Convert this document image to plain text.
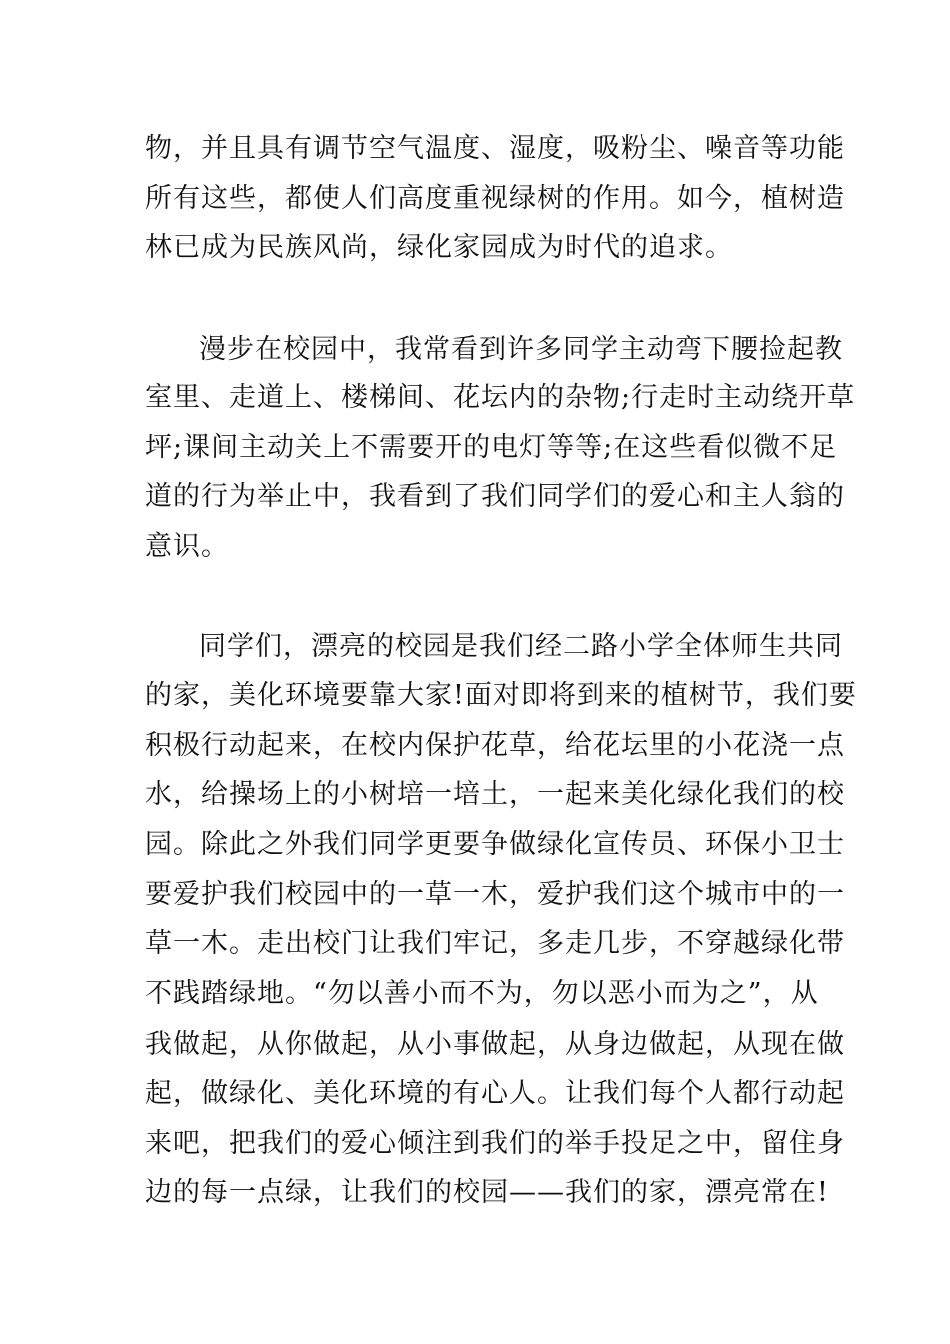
物，并且具有调节空气温度、湿度，吸粉尘、噪音等功能
所有这些，都使人们高度重视绿树的作用。如今，植树造
林已成为民族风尚，绿化家园成为时代的追求。
漫步在校园中，我常看到许多同学主动弯下腰捡起教
室里、走道上、楼梯间、花坛内的杂物;行走时主动绕开草
坪;课间主动关上不需要开的电灯等等;在这些看似微不足
道的行为举止中，我看到了我们同学们的爱心和主人翁的
意识。
同学们，漂亮的校园是我们经二路小学全体师生共同
的家，美化环境要靠大家!面对即将到来的植树节，我们要
积极行动起来，在校内保护花草，给花坛里的小花浇一点
水，给操场上的小树培一培土，一起来美化绿化我们的校
园。除此之外我们同学更要争做绿化宣传员、环保小卫士
要爱护我们校园中的一草一木，爱护我们这个城市中的一
草一木。走出校门让我们牢记，多走几步，不穿越绿化带
不践踏绿地。“勿以善小而不为，勿以恶小而为之”，从
我做起，从你做起，从小事做起，从身边做起，从现在做
起，做绿化、美化环境的有心人。让我们每个人都行动起
来吧，把我们的爱心倾注到我们的举手投足之中，留住身
边的每一点绿，让我们的校园——我们的家，漂亮常在!
